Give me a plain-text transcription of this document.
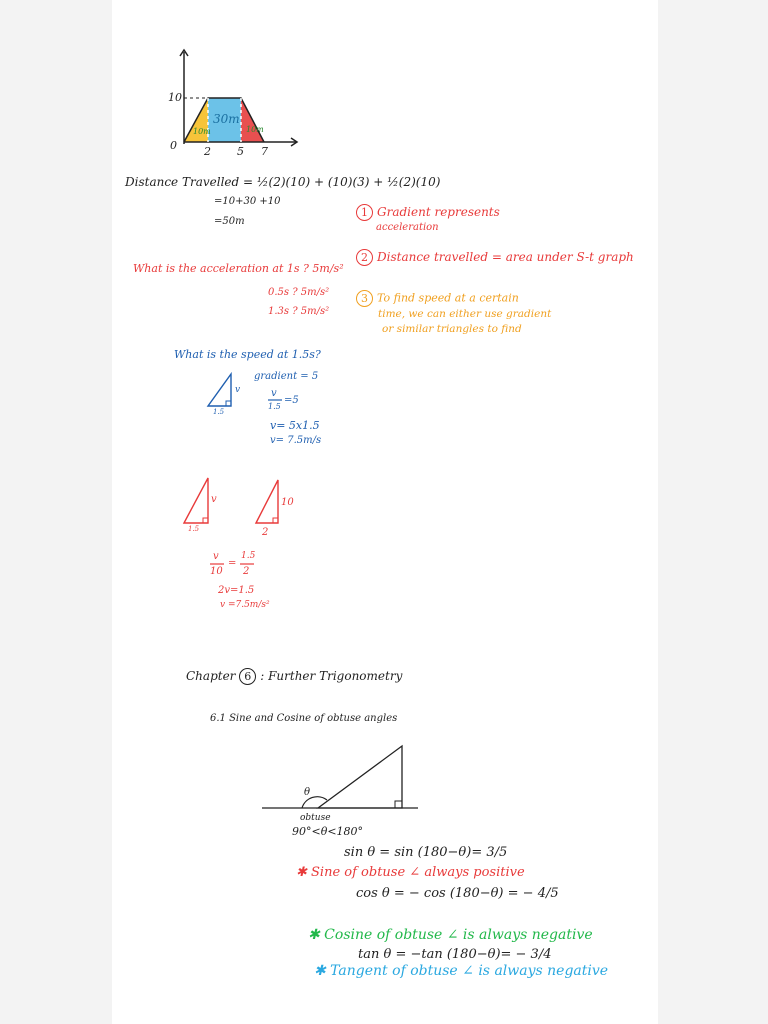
10
0 2 5 7
10m
30m
10m
Distance Travelled = ½(2)(10) + (10)(3) + ½(2)(10)
=10+30 +10
=50m
1 Gradient represents
acceleration
2 Distance travelled = area under S-t graph
3 To find speed at a certain
time, we can either use gradient
or similar triangles to find
What is the acceleration at 1s ? 5m/s²
0.5s ? 5m/s²
1.3s ? 5m/s²
What is the speed at 1.5s?
v
1.5
gradient = 5
v
1.5
=5
v= 5x1.5
v= 7.5m/s
v
1.5
10
2
v
10
=
1.5
2
2v=1.5
v =7.5m/s²
Chapter 6 : Further Trigonometry
6.1 Sine and Cosine of obtuse angles
θ
obtuse
90°<θ<180°
sin θ = sin (180−θ)= 3/5
✱ Sine of obtuse ∠ always positive
cos θ = − cos (180−θ) = − 4/5
✱ Cosine of obtuse ∠ is always negative
tan θ = −tan (180−θ)= − 3/4
✱ Tangent of obtuse ∠ is always negative
